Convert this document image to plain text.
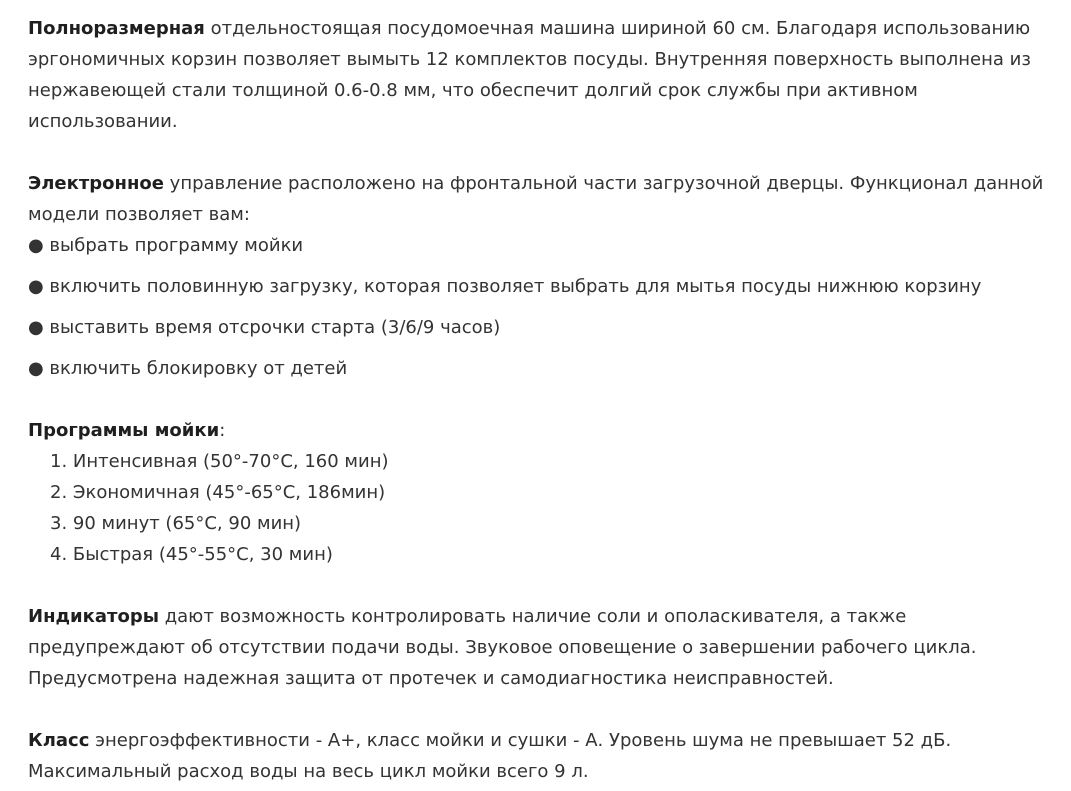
Полноразмерная отдельностоящая посудомоечная машина шириной 60 см. Благодаря использованию эргономичных корзин позволяет вымыть 12 комплектов посуды. Внутренняя поверхность выполнена из нержавеющей стали толщиной 0.6-0.8 мм, что обеспечит долгий срок службы при активном использовании.

Электронное управление расположено на фронтальной части загрузочной дверцы. Функционал данной модели позволяет вам:

● выбрать программу мойки

● включить половинную загрузку, которая позволяет выбрать для мытья посуды нижнюю корзину

● выставить время отсрочки старта (3/6/9 часов)

● включить блокировку от детей

Программы мойки:

1. Интенсивная (50°-70°C, 160 мин)
2. Экономичная (45°-65°C, 186мин)
3. 90 минут (65°C, 90 мин)
4. Быстрая (45°-55°C, 30 мин)

Индикаторы дают возможность контролировать наличие соли и ополаскивателя, а также предупреждают об отсутствии подачи воды. Звуковое оповещение о завершении рабочего цикла. Предусмотрена надежная защита от протечек и самодиагностика неисправностей.

Класс энергоэффективности - А+, класс мойки и сушки - А. Уровень шума не превышает 52 дБ. Максимальный расход воды на весь цикл мойки всего 9 л.
